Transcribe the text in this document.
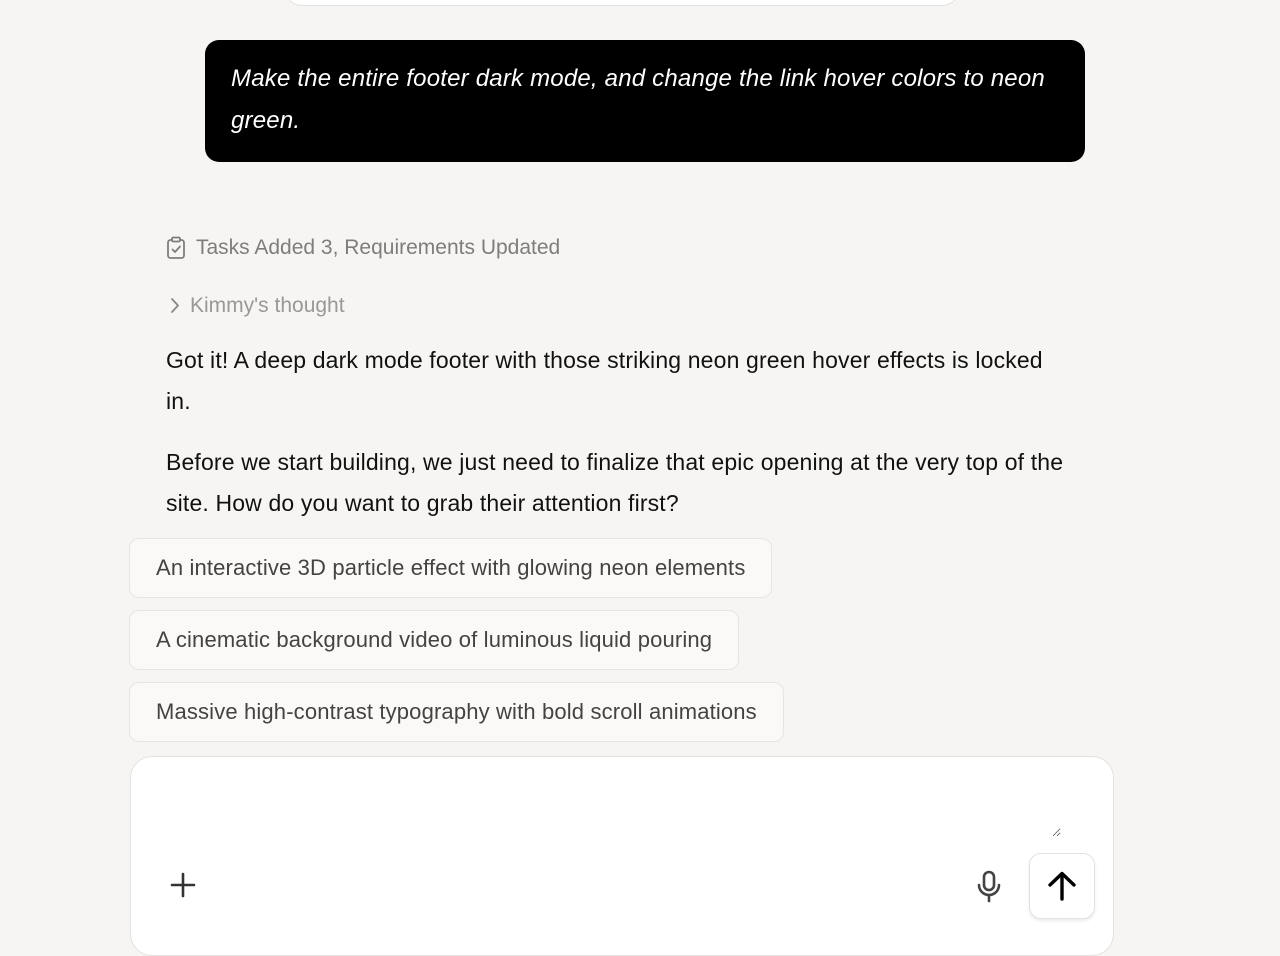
Make the entire footer dark mode, and change the link hover colors to neon green.
Tasks Added 3, Requirements Updated
Kimmy's thought
Got it! A deep dark mode footer with those striking neon green hover effects is locked in.
Before we start building, we just need to finalize that epic opening at the very top of the site. How do you want to grab their attention first?
An interactive 3D particle effect with glowing neon elements
A cinematic background video of luminous liquid pouring
Massive high-contrast typography with bold scroll animations
